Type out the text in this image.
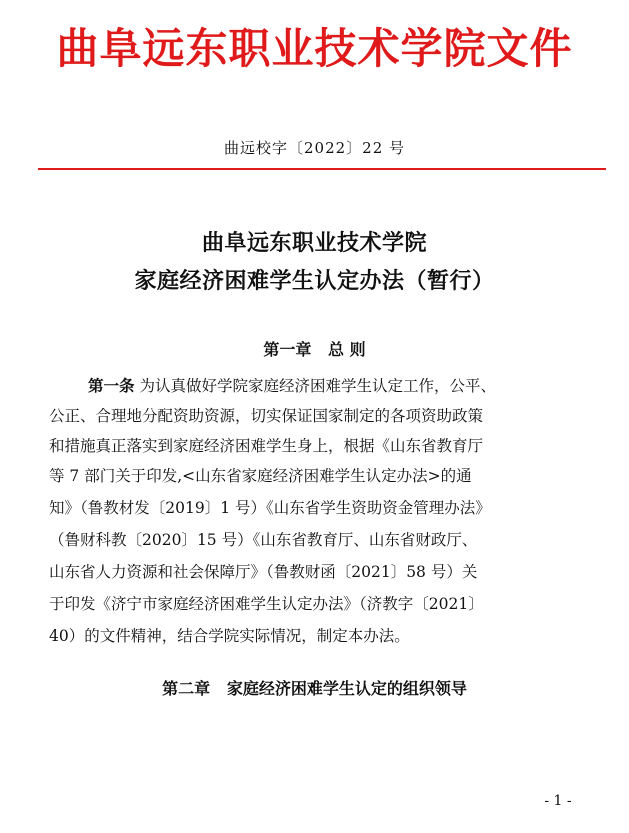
曲阜远东职业技术学院文件
曲远校字〔2022〕22 号
曲阜远东职业技术学院
家庭经济困难学生认定办法（暂行）
第一章   总 则
第一条 为认真做好学院家庭经济困难学生认定工作，公平、
公正、合理地分配资助资源，切实保证国家制定的各项资助政策
和措施真正落实到家庭经济困难学生身上，根据《山东省教育厅
等 7 部门关于印发,<山东省家庭经济困难学生认定办法>的通
知》（鲁教材发〔2019〕1 号）《山东省学生资助资金管理办法》
（鲁财科教〔2020〕15 号）《山东省教育厅、山东省财政厅、
山东省人力资源和社会保障厅》（鲁教财函〔2021〕58 号）关
于印发《济宁市家庭经济困难学生认定办法》（济教字〔2021〕
40）的文件精神，结合学院实际情况，制定本办法。
第二章   家庭经济困难学生认定的组织领导
- 1 -
